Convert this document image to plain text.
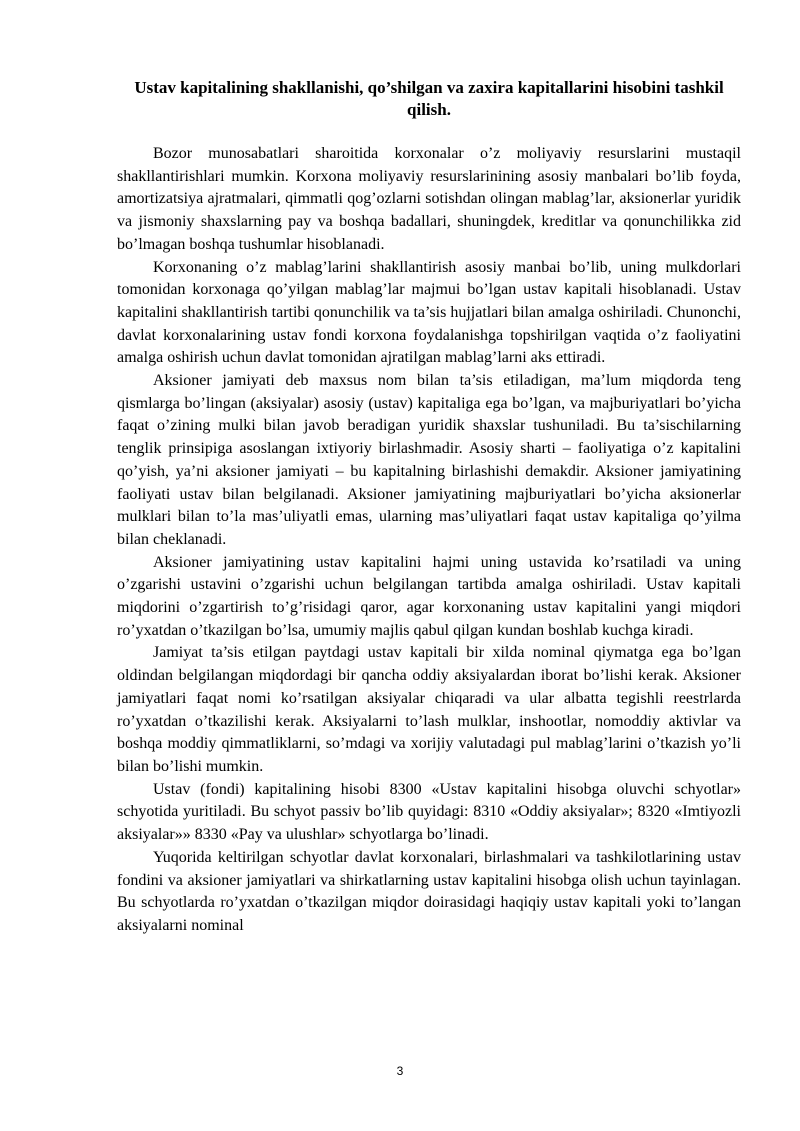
Ustav kapitalining shakllanishi, qo’shilgan va zaxira kapitallarini hisobini tashkil qilish.

Bozor munosabatlari sharoitida korxonalar o’z moliyaviy resurslarini mustaqil shakllantirishlari mumkin. Korxona moliyaviy resurslarinining asosiy manbalari bo’lib foyda, amortizatsiya ajratmalari, qimmatli qog’ozlarni sotishdan olingan mablag’lar, aksionerlar yuridik va jismoniy shaxslarning pay va boshqa badallari, shuningdek, kreditlar va qonunchilikka zid bo’lmagan boshqa tushumlar hisoblanadi.

Korxonaning o’z mablag’larini shakllantirish asosiy manbai bo’lib, uning mulkdorlari tomonidan korxonaga qo’yilgan mablag’lar majmui bo’lgan ustav kapitali hisoblanadi. Ustav kapitalini shakllantirish tartibi qonunchilik va ta’sis hujjatlari bilan amalga oshiriladi. Chunonchi, davlat korxonalarining ustav fondi korxona foydalanishga topshirilgan vaqtida o’z faoliyatini amalga oshirish uchun davlat tomonidan ajratilgan mablag’larni aks ettiradi.

Aksioner jamiyati deb maxsus nom bilan ta’sis etiladigan, ma’lum miqdorda teng qismlarga bo’lingan (aksiyalar) asosiy (ustav) kapitaliga ega bo’lgan, va majburiyatlari bo’yicha faqat o’zining mulki bilan javob beradigan yuridik shaxslar tushuniladi. Bu ta’sischilarning tenglik prinsipiga asoslangan ixtiyoriy birlashmadir. Asosiy sharti – faoliyatiga o’z kapitalini qo’yish, ya’ni aksioner jamiyati – bu kapitalning birlashishi demakdir. Aksioner jamiyatining faoliyati ustav bilan belgilanadi. Aksioner jamiyatining majburiyatlari bo’yicha aksionerlar mulklari bilan to’la mas’uliyatli emas, ularning mas’uliyatlari faqat ustav kapitaliga qo’yilma bilan cheklanadi.

Aksioner jamiyatining ustav kapitalini hajmi uning ustavida ko’rsatiladi va uning o’zgarishi ustavini o’zgarishi uchun belgilangan tartibda amalga oshiriladi. Ustav kapitali miqdorini o’zgartirish to’g’risidagi qaror, agar korxonaning ustav kapitalini yangi miqdori ro’yxatdan o’tkazilgan bo’lsa, umumiy majlis qabul qilgan kundan boshlab kuchga kiradi.

Jamiyat ta’sis etilgan paytdagi ustav kapitali bir xilda nominal qiymatga ega bo’lgan oldindan belgilangan miqdordagi bir qancha oddiy aksiyalardan iborat bo’lishi kerak. Aksioner jamiyatlari faqat nomi ko’rsatilgan aksiyalar chiqaradi va ular albatta tegishli reestrlarda ro’yxatdan o’tkazilishi kerak. Aksiyalarni to’lash mulklar, inshootlar, nomoddiy aktivlar va boshqa moddiy qimmatliklarni, so’mdagi va xorijiy valutadagi pul mablag’larini o’tkazish yo’li bilan bo’lishi mumkin.

Ustav (fondi) kapitalining hisobi 8300 «Ustav kapitalini hisobga oluvchi schyotlar» schyotida yuritiladi. Bu schyot passiv bo’lib quyidagi: 8310 «Oddiy aksiyalar»; 8320 «Imtiyozli aksiyalar»» 8330 «Pay va ulushlar» schyotlarga bo’linadi.

Yuqorida keltirilgan schyotlar davlat korxonalari, birlashmalari va tashkilotlarining ustav fondini va aksioner jamiyatlari va shirkatlarning ustav kapitalini hisobga olish uchun tayinlagan. Bu schyotlarda ro’yxatdan o’tkazilgan miqdor doirasidagi haqiqiy ustav kapitali yoki to’langan aksiyalarni nominal

3
